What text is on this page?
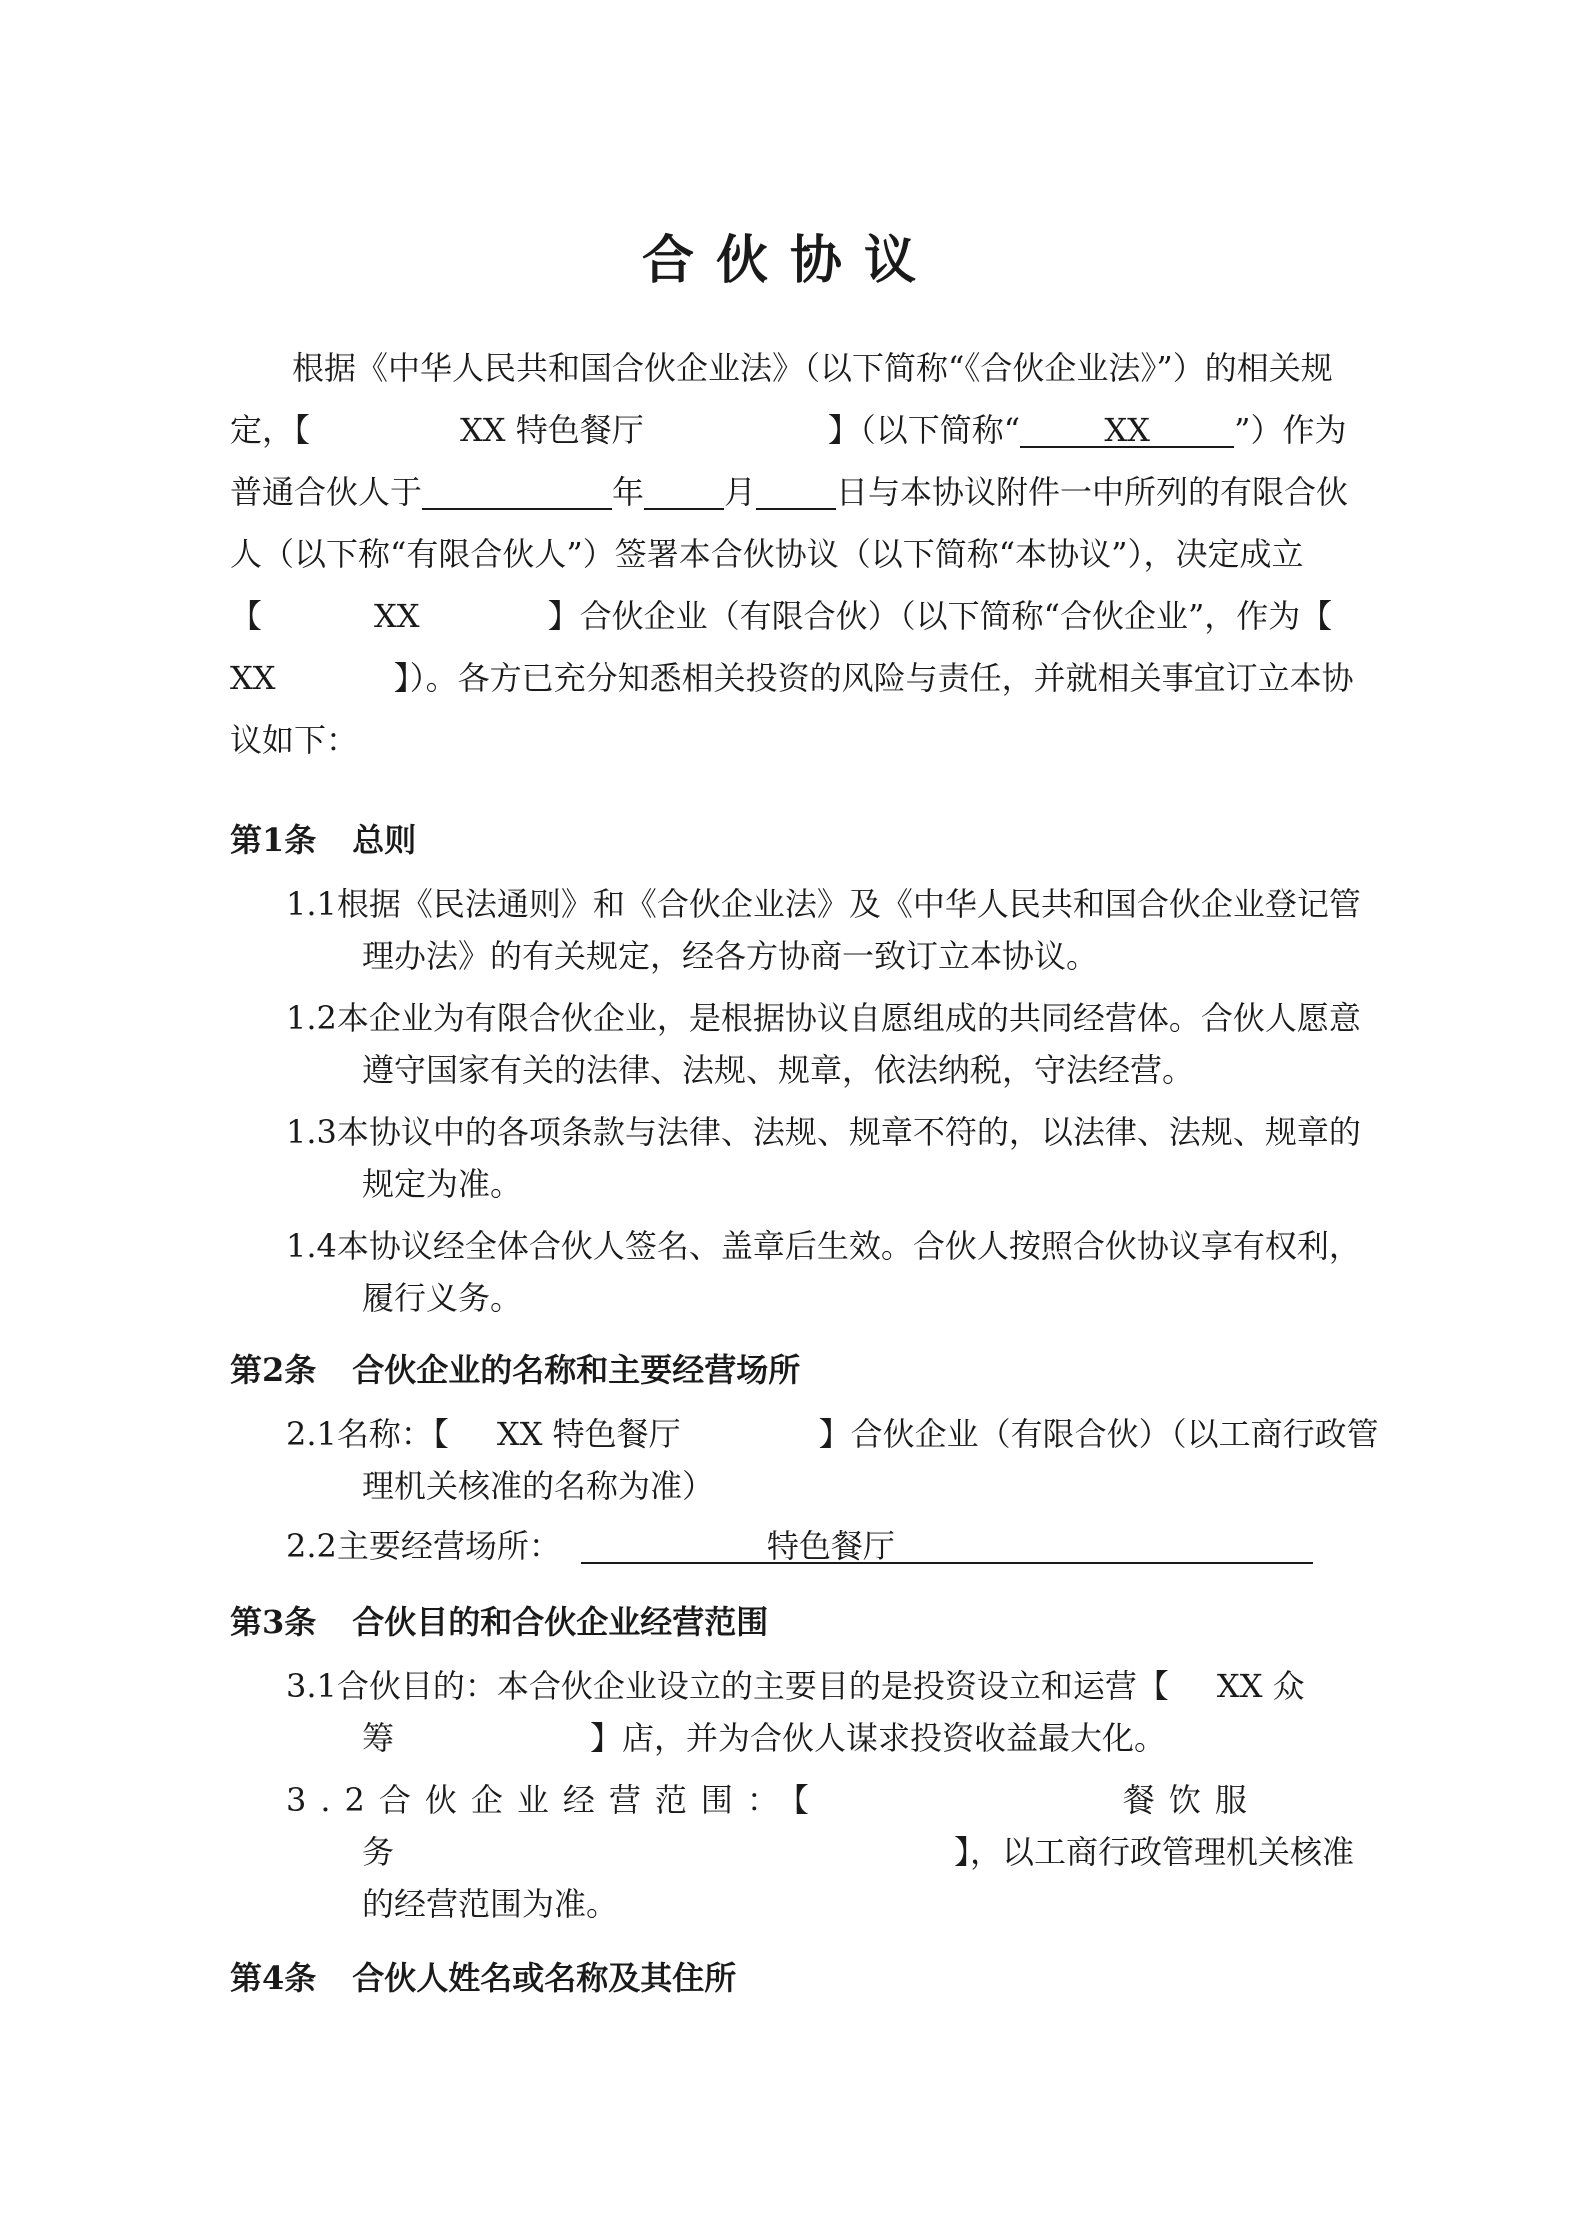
合伙协议
根据《中华人民共和国合伙企业法》（以下简称“《合伙企业法》”）的相关规
定，【	XX 特色餐厅	】（以下简称“	XX	”）作为
普通合伙人于	年	月	日与本协议附件一中所列的有限合伙
人（以下称“有限合伙人”）签署本合伙协议（以下简称“本协议”），决定成立
【	XX	】合伙企业（有限合伙）（以下简称“合伙企业”，作为【
XX	】）。各方已充分知悉相关投资的风险与责任，并就相关事宜订立本协
议如下：
第1条 总则
1.1根据《民法通则》和《合伙企业法》及《中华人民共和国合伙企业登记管
理办法》的有关规定，经各方协商一致订立本协议。
1.2本企业为有限合伙企业，是根据协议自愿组成的共同经营体。合伙人愿意
遵守国家有关的法律、法规、规章，依法纳税，守法经营。
1.3本协议中的各项条款与法律、法规、规章不符的，以法律、法规、规章的
规定为准。
1.4本协议经全体合伙人签名、盖章后生效。合伙人按照合伙协议享有权利，
履行义务。
第2条 合伙企业的名称和主要经营场所
2.1名称：【 XX 特色餐厅	】合伙企业（有限合伙）（以工商行政管
理机关核准的名称为准）
2.2主要经营场所：	特色餐厅
第3条 合伙目的和合伙企业经营范围
3.1合伙目的：本合伙企业设立的主要目的是投资设立和运营【 XX 众
筹	】店，并为合伙人谋求投资收益最大化。
3.2合伙企业经营范围：【	餐饮服
务	】，以工商行政管理机关核准
的经营范围为准。
第4条 合伙人姓名或名称及其住所
